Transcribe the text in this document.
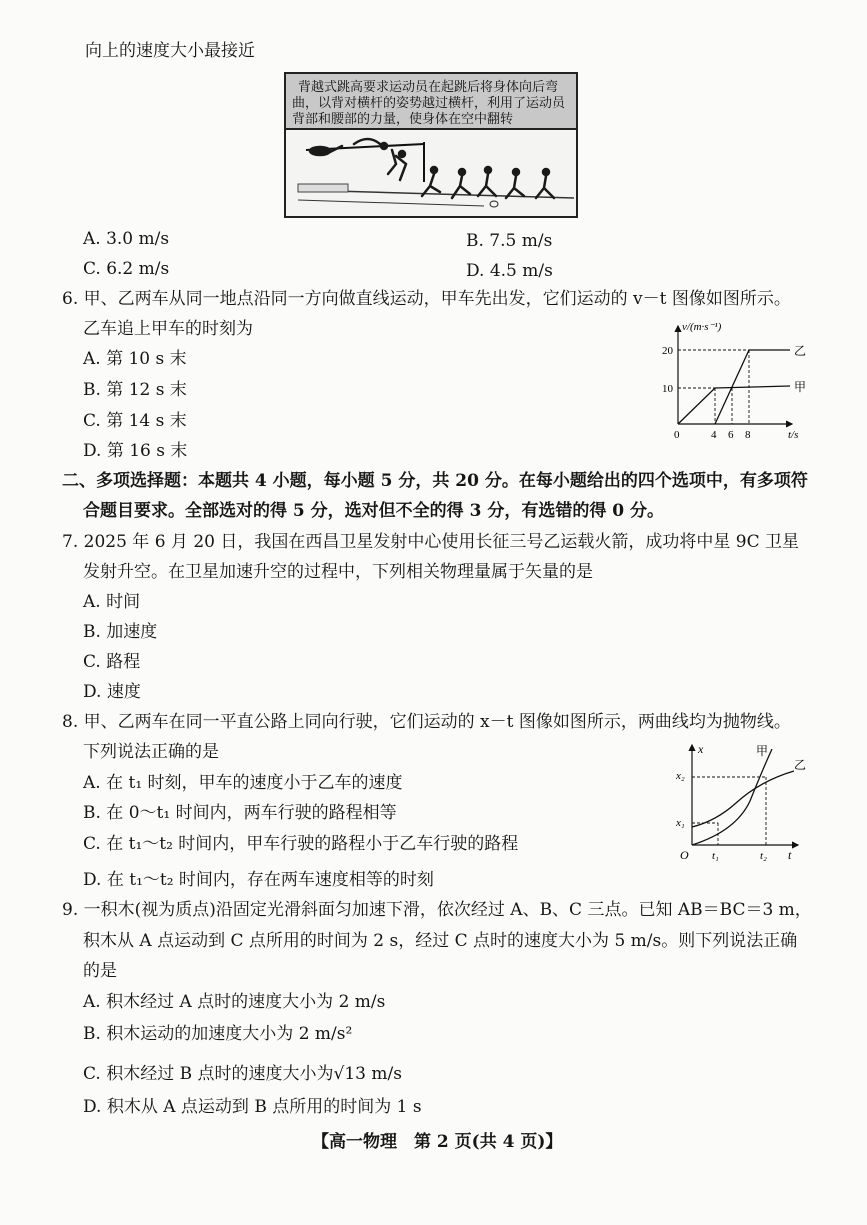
向上的速度大小最接近
背越式跳高要求运动员在起跳后将身体向后弯
曲，以背对横杆的姿势越过横杆，利用了运动员
背部和腰部的力量，使身体在空中翻转
A. 3.0 m/s	B. 7.5 m/s
C. 6.2 m/s	D. 4.5 m/s
6. 甲、乙两车从同一地点沿同一方向做直线运动，甲车先出发，它们运动的 v－t 图像如图所示。
乙车追上甲车的时刻为
A. 第 10 s 末
B. 第 12 s 末
C. 第 14 s 末
D. 第 16 s 末
v/(m·s⁻¹)
t/s
0	4 6 8
10
20	乙
甲
二、多项选择题：本题共 4 小题，每小题 5 分，共 20 分。在每小题给出的四个选项中，有多项符
合题目要求。全部选对的得 5 分，选对但不全的得 3 分，有选错的得 0 分。
7. 2025 年 6 月 20 日，我国在西昌卫星发射中心使用长征三号乙运载火箭，成功将中星 9C 卫星
发射升空。在卫星加速升空的过程中，下列相关物理量属于矢量的是
A. 时间
B. 加速度
C. 路程
D. 速度
8. 甲、乙两车在同一平直公路上同向行驶，它们运动的 x－t 图像如图所示，两曲线均为抛物线。
下列说法正确的是
A. 在 t₁ 时刻，甲车的速度小于乙车的速度
B. 在 0～t₁ 时间内，两车行驶的路程相等
C. 在 t₁～t₂ 时间内，甲车行驶的路程小于乙车行驶的路程
D. 在 t₁～t₂ 时间内，存在两车速度相等的时刻
x
t
O
x₁
x₂
t₁	t₂
甲
乙
9. 一积木(视为质点)沿固定光滑斜面匀加速下滑，依次经过 A、B、C 三点。已知 AB＝BC＝3 m，
积木从 A 点运动到 C 点所用的时间为 2 s，经过 C 点时的速度大小为 5 m/s。则下列说法正确
的是
A. 积木经过 A 点时的速度大小为 2 m/s
B. 积木运动的加速度大小为 2 m/s²
C. 积木经过 B 点时的速度大小为√13 m/s
D. 积木从 A 点运动到 B 点所用的时间为 1 s
【高一物理　第 2 页(共 4 页)】
